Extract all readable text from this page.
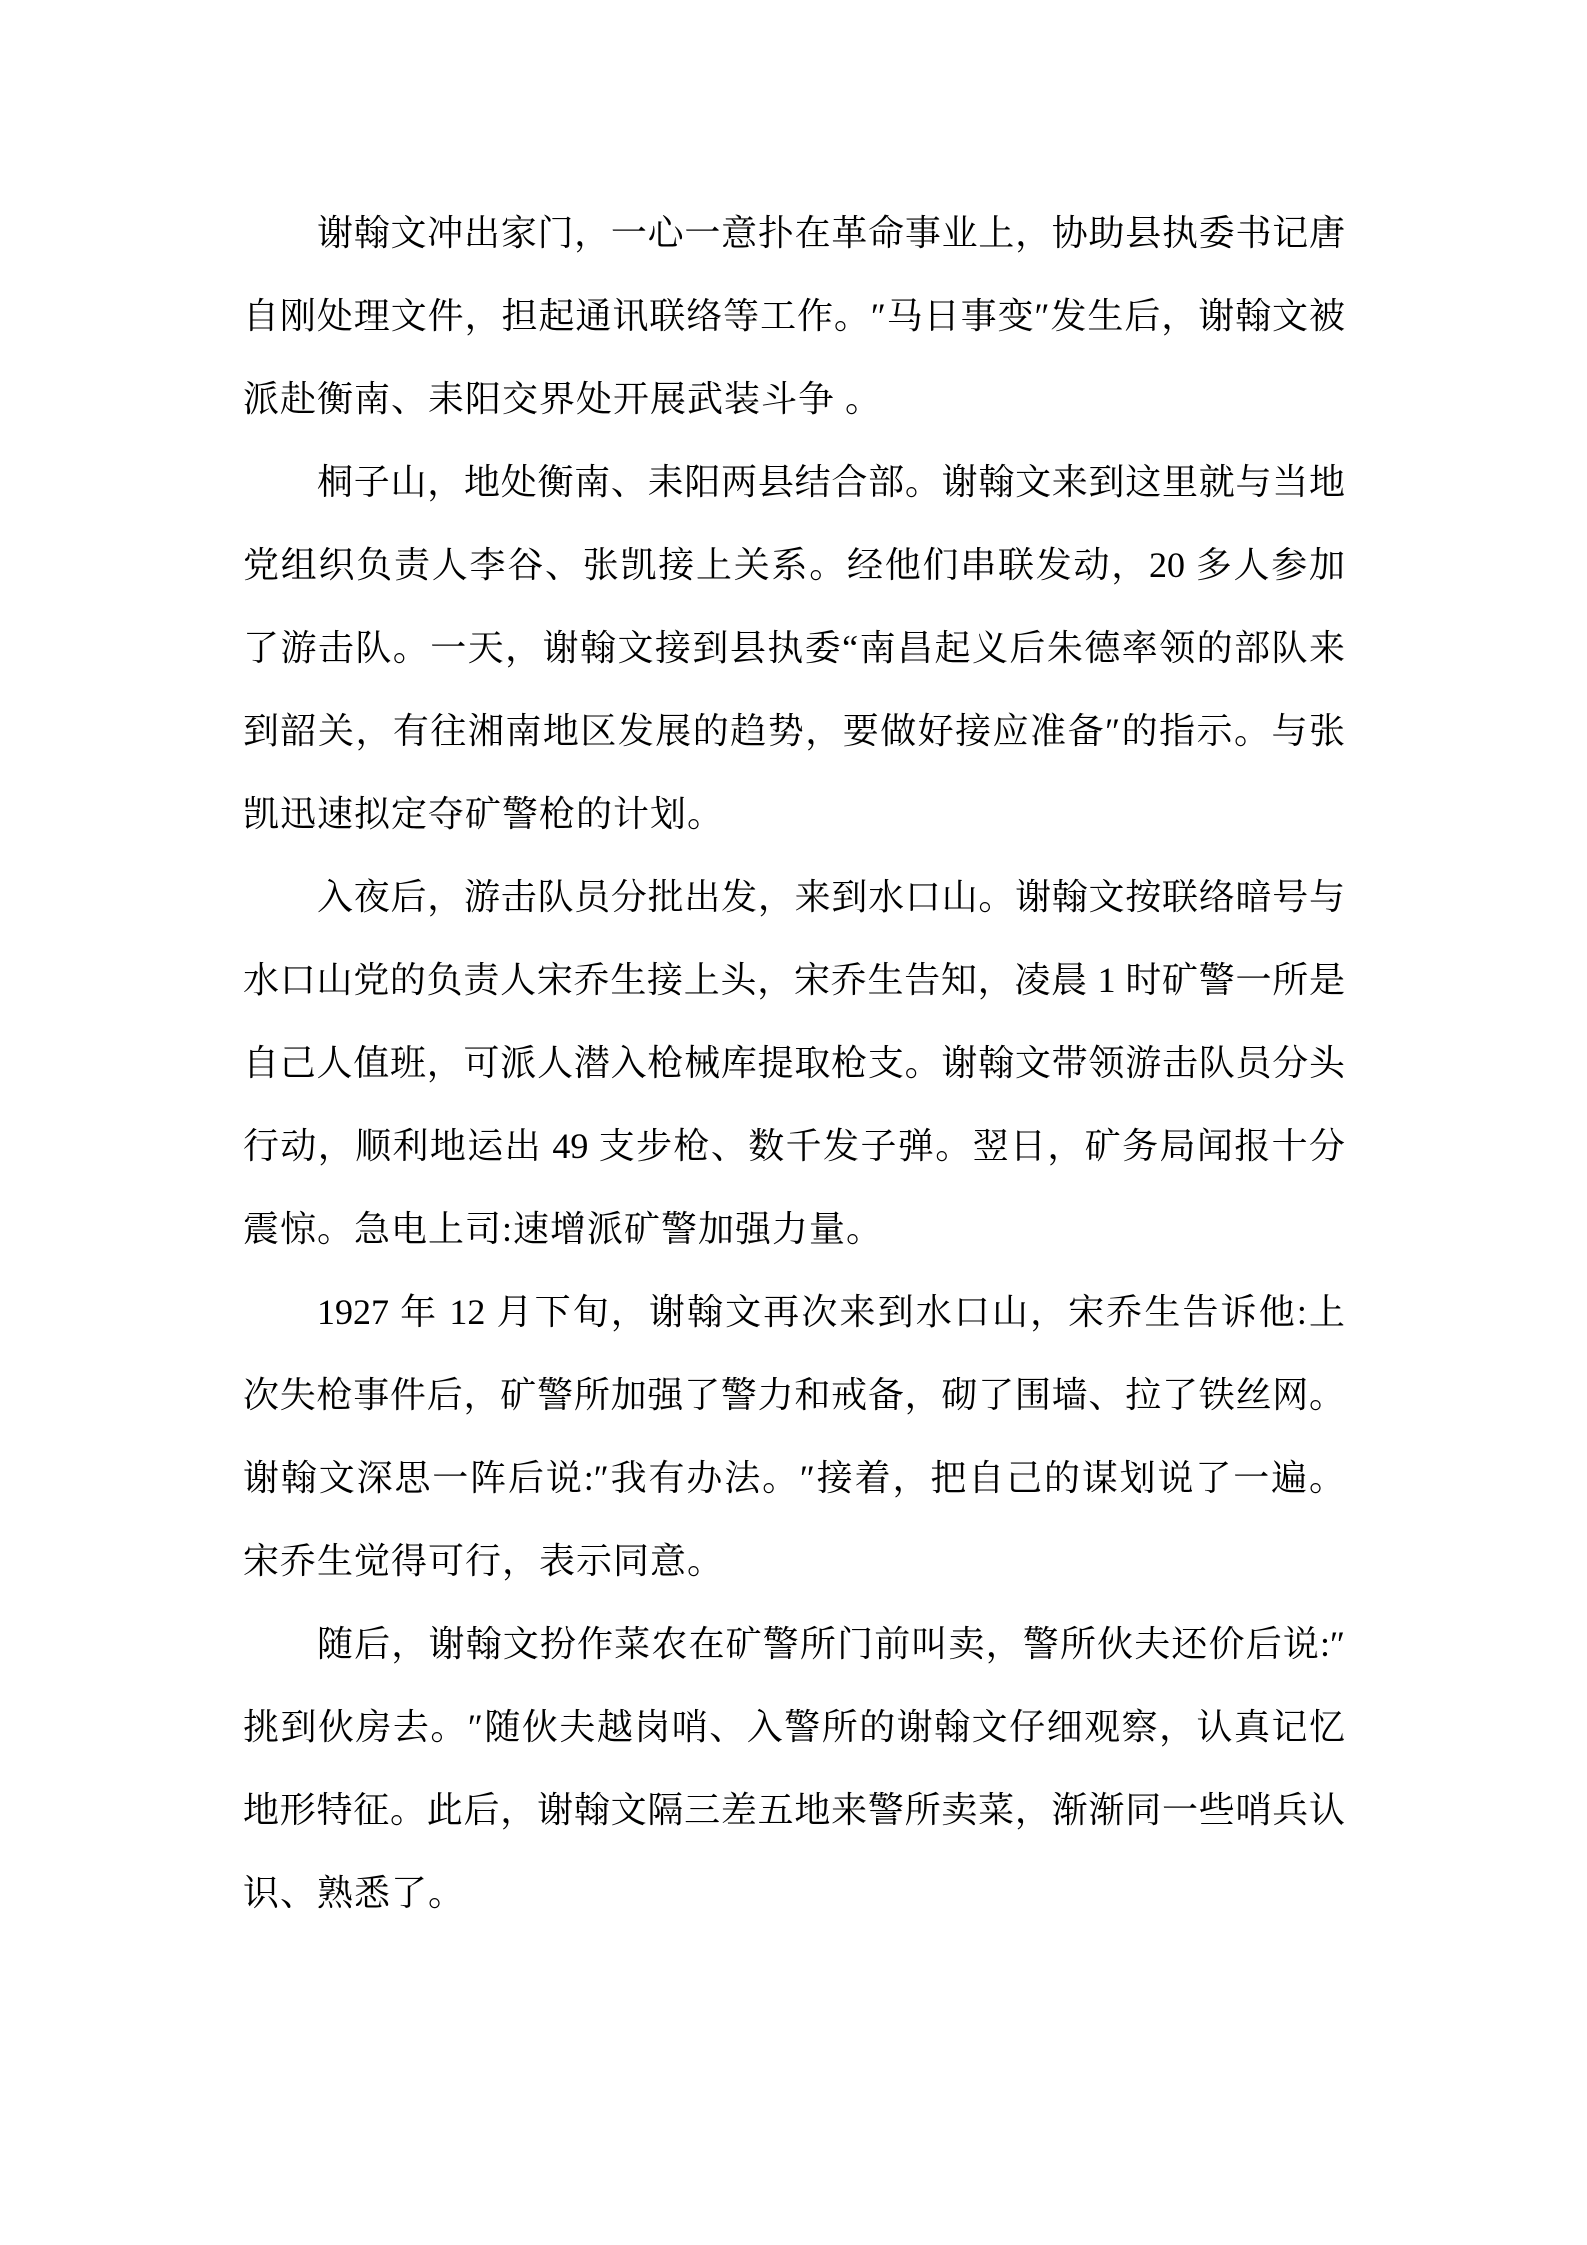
谢翰文冲出家门，一心一意扑在革命事业上，协助县执委书记唐
自刚处理文件，担起通讯联络等工作。″马日事变″发生后，谢翰文被
派赴衡南、耒阳交界处开展武装斗争 。
桐子山，地处衡南、耒阳两县结合部。谢翰文来到这里就与当地
党组织负责人李谷、张凯接上关系。经他们串联发动，20 多人参加
了游击队。一天，谢翰文接到县执委“南昌起义后朱德率领的部队来
到韶关，有往湘南地区发展的趋势，要做好接应准备″的指示。与张
凯迅速拟定夺矿警枪的计划。
入夜后，游击队员分批出发，来到水口山。谢翰文按联络暗号与
水口山党的负责人宋乔生接上头，宋乔生告知，凌晨 1 时矿警一所是
自己人值班，可派人潜入枪械库提取枪支。谢翰文带领游击队员分头
行动，顺利地运出 49 支步枪、数千发子弹。翌日，矿务局闻报十分
震惊。急电上司:速增派矿警加强力量。
1927 年 12 月下旬，谢翰文再次来到水口山，宋乔生告诉他:上
次失枪事件后，矿警所加强了警力和戒备，砌了围墙、拉了铁丝网。
谢翰文深思一阵后说:″我有办法。″接着，把自己的谋划说了一遍。
宋乔生觉得可行，表示同意。
随后，谢翰文扮作菜农在矿警所门前叫卖，警所伙夫还价后说:″
挑到伙房去。″随伙夫越岗哨、入警所的谢翰文仔细观察，认真记忆
地形特征。此后，谢翰文隔三差五地来警所卖菜，渐渐同一些哨兵认
识、熟悉了。
